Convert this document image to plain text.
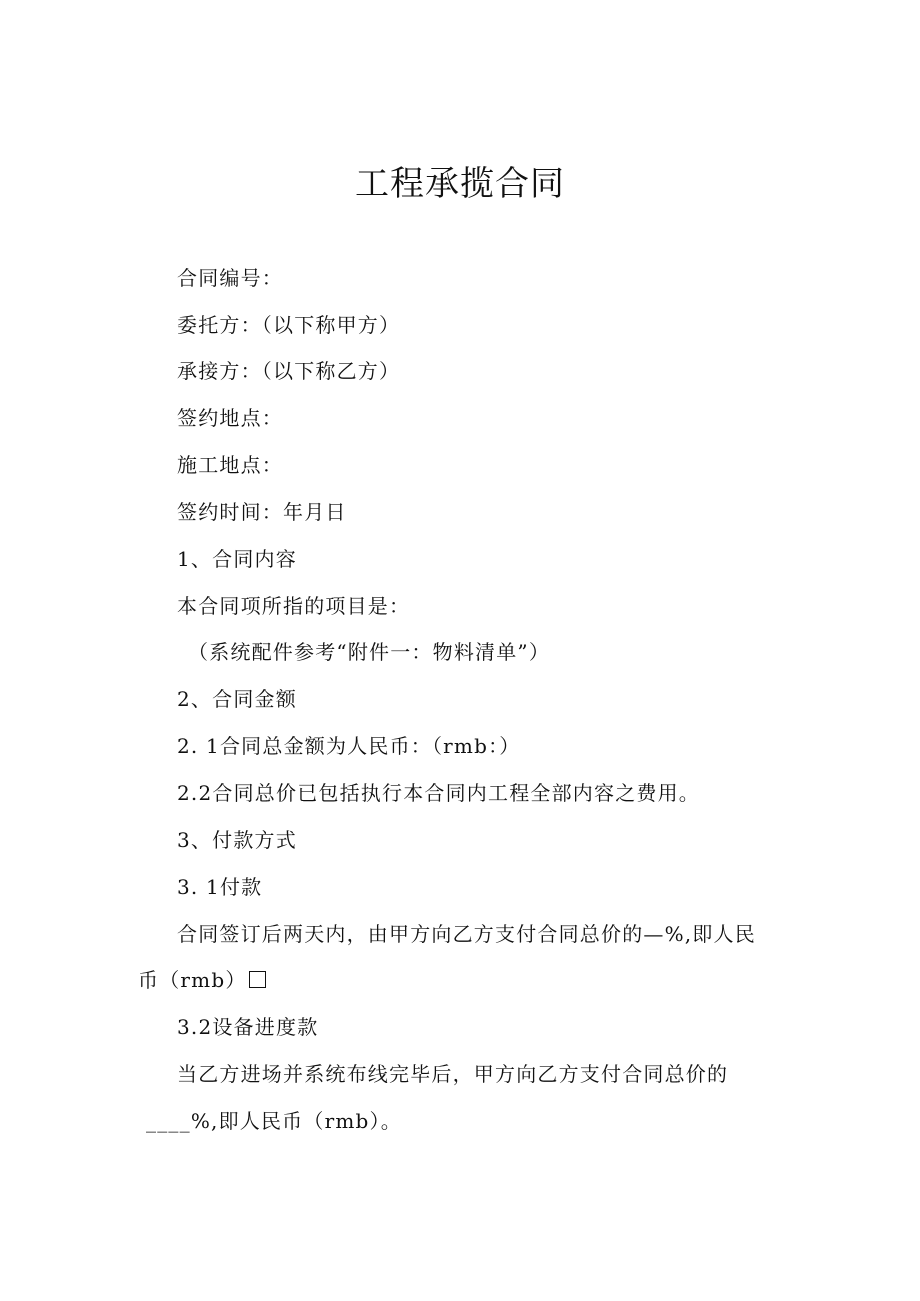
工程承揽合同
合同编号：
委托方：（以下称甲方）
承接方：（以下称乙方）
签约地点：
施工地点：
签约时间：年月日
1、合同内容
本合同项所指的项目是：
（系统配件参考“附件一：物料清单”）
2、合同金额
2. 1合同总金额为人民币：（rmb：）
2.2合同总价已包括执行本合同内工程全部内容之费用。
3、付款方式
3. 1付款
合同签订后两天内，由甲方向乙方支付合同总价的—%,即人民
币（rmb）
3.2设备进度款
当乙方进场并系统布线完毕后，甲方向乙方支付合同总价的
____%,即人民币（rmb）。
